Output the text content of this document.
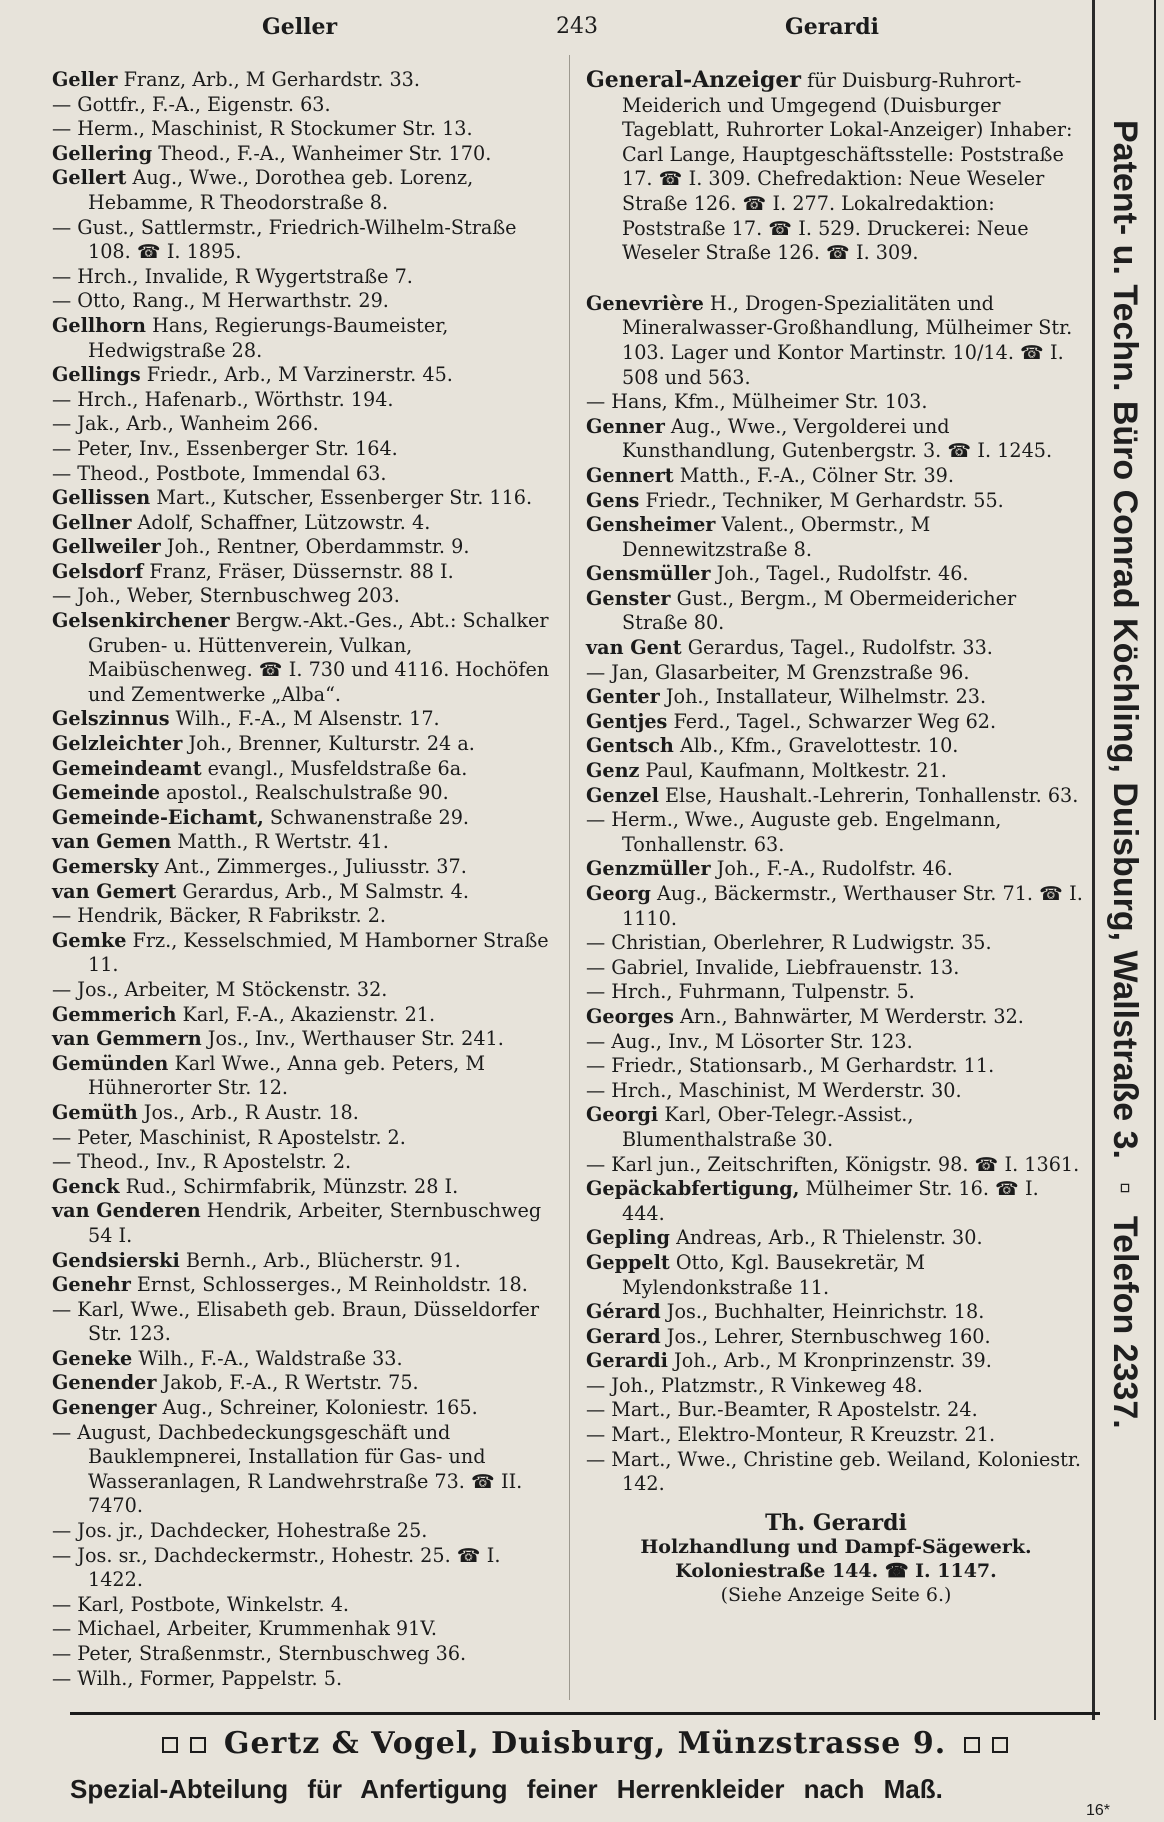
Geller	243	Gerardi
Geller Franz, Arb., M Gerhardstr. 33.
— Gottfr., F.-A., Eigenstr. 63.
— Herm., Maschinist, R Stockumer Str. 13.
Gellering Theod., F.-A., Wanheimer Str. 170.
Gellert Aug., Wwe., Dorothea geb. Lorenz, Hebamme, R Theodorstraße 8.
— Gust., Sattlermstr., Friedrich-Wilhelm-Straße 108. ☎ I. 1895.
— Hrch., Invalide, R Wygertstraße 7.
— Otto, Rang., M Herwarthstr. 29.
Gellhorn Hans, Regierungs-Baumeister, Hedwigstraße 28.
Gellings Friedr., Arb., M Varzinerstr. 45.
— Hrch., Hafenarb., Wörthstr. 194.
— Jak., Arb., Wanheim 266.
— Peter, Inv., Essenberger Str. 164.
— Theod., Postbote, Immendal 63.
Gellissen Mart., Kutscher, Essenberger Str. 116.
Gellner Adolf, Schaffner, Lützowstr. 4.
Gellweiler Joh., Rentner, Oberdammstr. 9.
Gelsdorf Franz, Fräser, Düssernstr. 88 I.
— Joh., Weber, Sternbuschweg 203.
Gelsenkirchener Bergw.-Akt.-Ges., Abt.: Schalker Gruben- u. Hüttenverein, Vulkan, Maibüschenweg. ☎ I. 730 und 4116. Hochöfen und Zementwerke „Alba“.
Gelszinnus Wilh., F.-A., M Alsenstr. 17.
Gelzleichter Joh., Brenner, Kulturstr. 24 a.
Gemeindeamt evangl., Musfeldstraße 6a.
Gemeinde apostol., Realschulstraße 90.
Gemeinde-Eichamt, Schwanenstraße 29.
van Gemen Matth., R Wertstr. 41.
Gemersky Ant., Zimmerges., Juliusstr. 37.
van Gemert Gerardus, Arb., M Salmstr. 4.
— Hendrik, Bäcker, R Fabrikstr. 2.
Gemke Frz., Kesselschmied, M Hamborner Straße 11.
— Jos., Arbeiter, M Stöckenstr. 32.
Gemmerich Karl, F.-A., Akazienstr. 21.
van Gemmern Jos., Inv., Werthauser Str. 241.
Gemünden Karl Wwe., Anna geb. Peters, M Hühnerorter Str. 12.
Gemüth Jos., Arb., R Austr. 18.
— Peter, Maschinist, R Apostelstr. 2.
— Theod., Inv., R Apostelstr. 2.
Genck Rud., Schirmfabrik, Münzstr. 28 I.
van Genderen Hendrik, Arbeiter, Sternbuschweg 54 I.
Gendsierski Bernh., Arb., Blücherstr. 91.
Genehr Ernst, Schlosserges., M Reinholdstr. 18.
— Karl, Wwe., Elisabeth geb. Braun, Düsseldorfer Str. 123.
Geneke Wilh., F.-A., Waldstraße 33.
Genender Jakob, F.-A., R Wertstr. 75.
Genenger Aug., Schreiner, Koloniestr. 165.
— August, Dachbedeckungsgeschäft und Bauklempnerei, Installation für Gas- und Wasseranlagen, R Landwehrstraße 73. ☎ II. 7470.
— Jos. jr., Dachdecker, Hohestraße 25.
— Jos. sr., Dachdeckermstr., Hohestr. 25. ☎ I. 1422.
— Karl, Postbote, Winkelstr. 4.
— Michael, Arbeiter, Krummenhak 91V.
— Peter, Straßenmstr., Sternbuschweg 36.
— Wilh., Former, Pappelstr. 5.
General-Anzeiger für Duisburg-Ruhrort-Meiderich und Umgegend (Duisburger Tageblatt, Ruhrorter Lokal-Anzeiger) Inhaber: Carl Lange, Hauptgeschäftsstelle: Poststraße 17. ☎ I. 309. Chefredaktion: Neue Weseler Straße 126. ☎ I. 277. Lokalredaktion: Poststraße 17. ☎ I. 529. Druckerei: Neue Weseler Straße 126. ☎ I. 309.
Genevrière H., Drogen-Spezialitäten und Mineralwasser-Großhandlung, Mülheimer Str. 103. Lager und Kontor Martinstr. 10/14. ☎ I. 508 und 563.
— Hans, Kfm., Mülheimer Str. 103.
Genner Aug., Wwe., Vergolderei und Kunsthandlung, Gutenbergstr. 3. ☎ I. 1245.
Gennert Matth., F.-A., Cölner Str. 39.
Gens Friedr., Techniker, M Gerhardstr. 55.
Gensheimer Valent., Obermstr., M Dennewitzstraße 8.
Gensmüller Joh., Tagel., Rudolfstr. 46.
Genster Gust., Bergm., M Obermeidericher Straße 80.
van Gent Gerardus, Tagel., Rudolfstr. 33.
— Jan, Glasarbeiter, M Grenzstraße 96.
Genter Joh., Installateur, Wilhelmstr. 23.
Gentjes Ferd., Tagel., Schwarzer Weg 62.
Gentsch Alb., Kfm., Gravelottestr. 10.
Genz Paul, Kaufmann, Moltkestr. 21.
Genzel Else, Haushalt.-Lehrerin, Tonhallenstr. 63.
— Herm., Wwe., Auguste geb. Engelmann, Tonhallenstr. 63.
Genzmüller Joh., F.-A., Rudolfstr. 46.
Georg Aug., Bäckermstr., Werthauser Str. 71. ☎ I. 1110.
— Christian, Oberlehrer, R Ludwigstr. 35.
— Gabriel, Invalide, Liebfrauenstr. 13.
— Hrch., Fuhrmann, Tulpenstr. 5.
Georges Arn., Bahnwärter, M Werderstr. 32.
— Aug., Inv., M Lösorter Str. 123.
— Friedr., Stationsarb., M Gerhardstr. 11.
— Hrch., Maschinist, M Werderstr. 30.
Georgi Karl, Ober-Telegr.-Assist., Blumenthalstraße 30.
— Karl jun., Zeitschriften, Königstr. 98. ☎ I. 1361.
Gepäckabfertigung, Mülheimer Str. 16. ☎ I. 444.
Gepling Andreas, Arb., R Thielenstr. 30.
Geppelt Otto, Kgl. Bausekretär, M Mylendonkstraße 11.
Gérard Jos., Buchhalter, Heinrichstr. 18.
Gerard Jos., Lehrer, Sternbuschweg 160.
Gerardi Joh., Arb., M Kronprinzenstr. 39.
— Joh., Platzmstr., R Vinkeweg 48.
— Mart., Bur.-Beamter, R Apostelstr. 24.
— Mart., Elektro-Monteur, R Kreuzstr. 21.
— Mart., Wwe., Christine geb. Weiland, Koloniestr. 142.
Th. Gerardi
Holzhandlung und Dampf-Sägewerk.
Koloniestraße 144. ☎ I. 1147.
(Siehe Anzeige Seite 6.)
Patent- u. Techn. Büro Conrad Köchling, Duisburg, Wallstraße 3. ▫ Telefon 2337.
Gertz & Vogel, Duisburg, Münzstrasse 9.
Spezial-Abteilung für Anfertigung feiner Herrenkleider nach Maß.
16*
